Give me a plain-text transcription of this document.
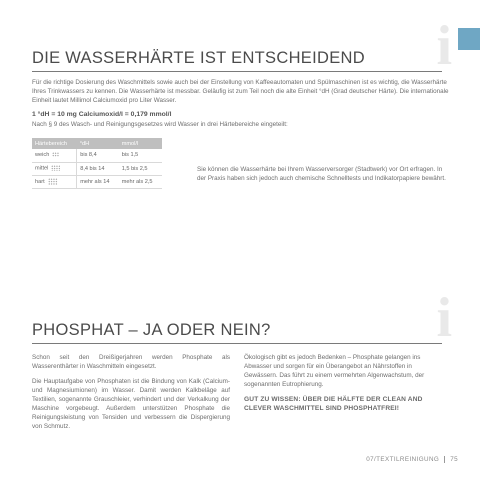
DIE WASSERHÄRTE IST ENTSCHEIDEND i

Für die richtige Dosierung des Waschmittels sowie auch bei der Einstellung von Kaffeeautomaten und Spülmaschinen ist es wichtig, die Wasserhärte Ihres Trinkwassers zu kennen. Die Wasserhärte ist messbar. Geläufig ist zum Teil noch die alte Einheit °dH (Grad deutscher Härte). Die internationale Einheit lautet Millimol Calciumoxid pro Liter Wasser.

1 °dH = 10 mg Calciumoxid/l = 0,179 mmol/l

Nach § 9 des Wasch- und Reinigungsgesetzes wird Wasser in drei Härtebereiche eingeteilt:

Härtebereich	°dH	mmol/l
weich	bis 8,4	bis 1,5
mittel	8,4 bis 14	1,5 bis 2,5
hart	mehr als 14	mehr als 2,5

Sie können die Wasserhärte bei Ihrem Wasserversorger (Stadtwerk) vor Ort erfragen. In der Praxis haben sich jedoch auch chemische Schnelltests und Indikatorpapiere bewährt.

PHOSPHAT – JA ODER NEIN?	i

Schon seit den Dreißigerjahren werden Phosphate als Wasserenthärter in Waschmitteln eingesetzt.

Die Hauptaufgabe von Phosphaten ist die Bindung von Kalk (Calcium- und Magnesiumionen) im Wasser. Damit werden Kalkbeläge auf Textilien, sogenannte Grauschleier, verhindert und der Verkalkung der Maschine vorgebeugt. Außerdem unterstützen Phosphate die Reinigungsleistung von Tensiden und verbessern die Dispergierung von Schmutz.

Ökologisch gibt es jedoch Bedenken – Phosphate gelangen ins Abwasser und sorgen für ein Überangebot an Nährstoffen in Gewässern. Das führt zu einem vermehrten Algenwachstum, der sogenannten Eutrophierung.

GUT ZU WISSEN: ÜBER DIE HÄLFTE DER CLEAN AND CLEVER WASCHMITTEL SIND PHOSPHATFREI!

07/TEXTILREINIGUNG 75
